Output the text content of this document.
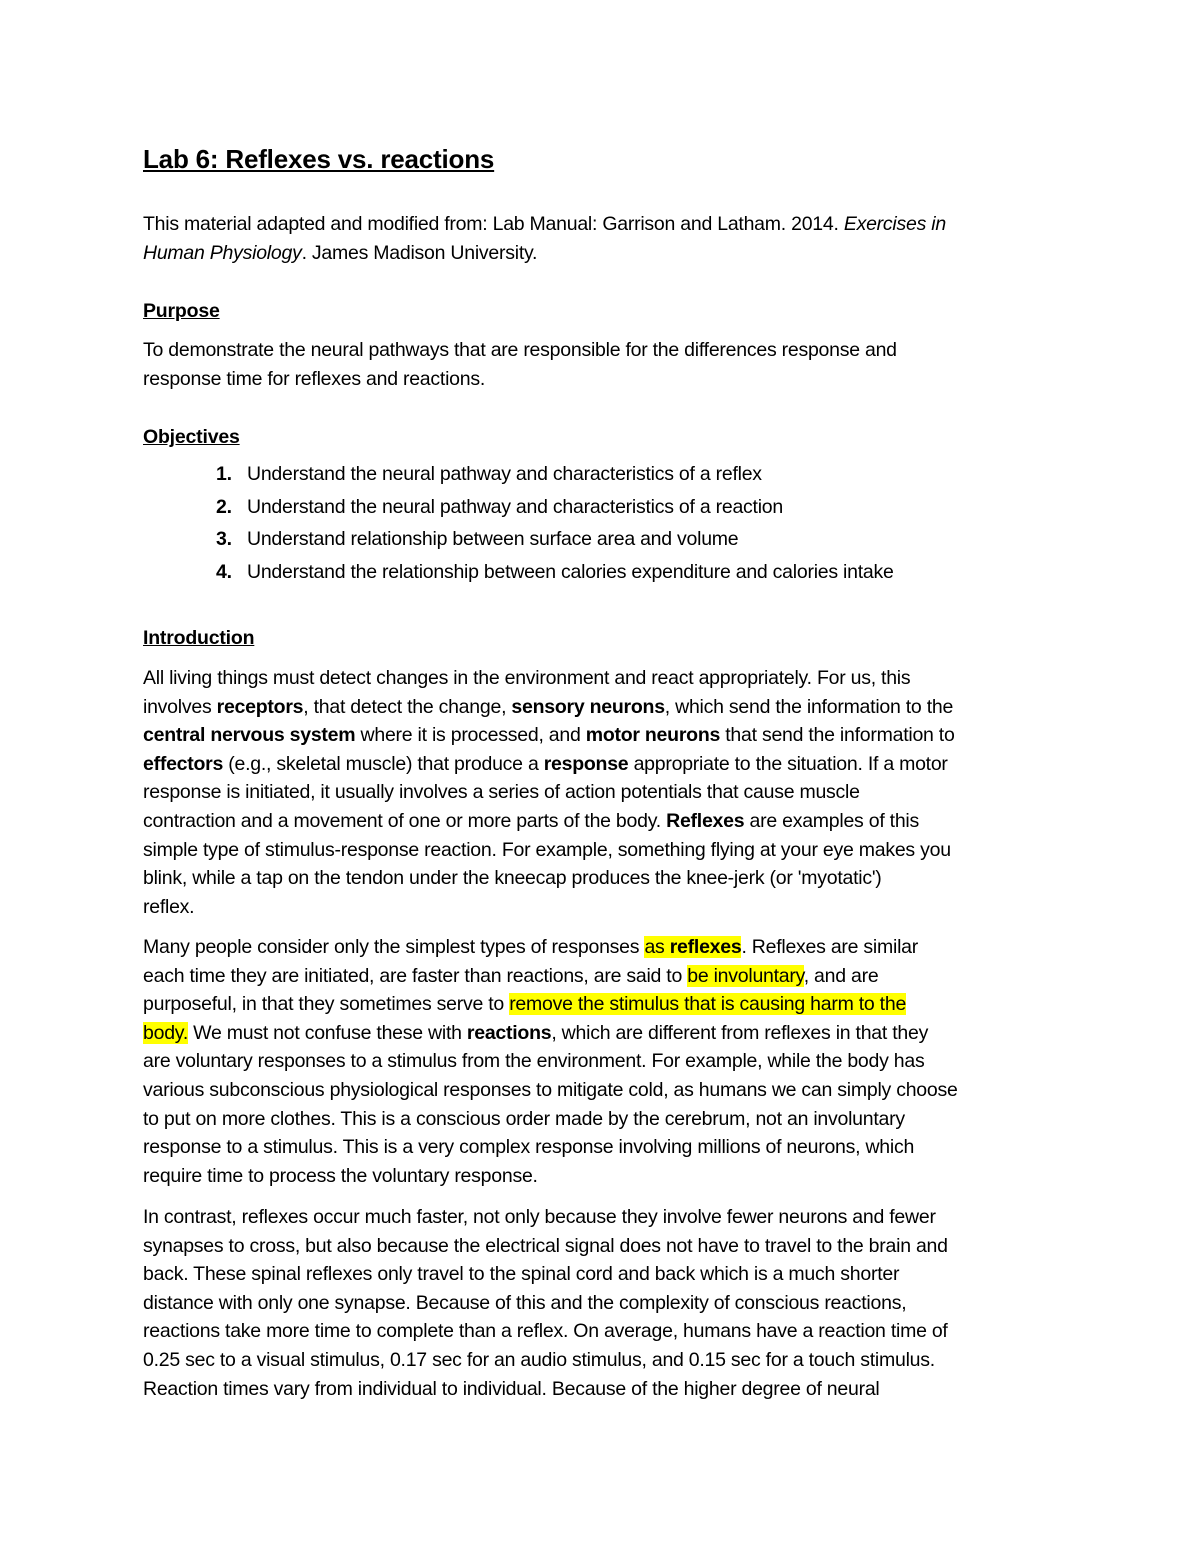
Lab 6: Reflexes vs. reactions
This material adapted and modified from: Lab Manual: Garrison and Latham. 2014. Exercises in
Human Physiology. James Madison University.
Purpose
To demonstrate the neural pathways that are responsible for the differences response and
response time for reflexes and reactions.
Objectives
1. Understand the neural pathway and characteristics of a reflex
2. Understand the neural pathway and characteristics of a reaction
3. Understand relationship between surface area and volume
4. Understand the relationship between calories expenditure and calories intake
Introduction
All living things must detect changes in the environment and react appropriately. For us, this
involves receptors, that detect the change, sensory neurons, which send the information to the
central nervous system where it is processed, and motor neurons that send the information to
effectors (e.g., skeletal muscle) that produce a response appropriate to the situation. If a motor
response is initiated, it usually involves a series of action potentials that cause muscle
contraction and a movement of one or more parts of the body. Reflexes are examples of this
simple type of stimulus-response reaction. For example, something flying at your eye makes you
blink, while a tap on the tendon under the kneecap produces the knee-jerk (or 'myotatic')
reflex.
Many people consider only the simplest types of responses as reflexes. Reflexes are similar
each time they are initiated, are faster than reactions, are said to be involuntary, and are
purposeful, in that they sometimes serve to remove the stimulus that is causing harm to the
body. We must not confuse these with reactions, which are different from reflexes in that they
are voluntary responses to a stimulus from the environment. For example, while the body has
various subconscious physiological responses to mitigate cold, as humans we can simply choose
to put on more clothes. This is a conscious order made by the cerebrum, not an involuntary
response to a stimulus. This is a very complex response involving millions of neurons, which
require time to process the voluntary response.
In contrast, reflexes occur much faster, not only because they involve fewer neurons and fewer
synapses to cross, but also because the electrical signal does not have to travel to the brain and
back. These spinal reflexes only travel to the spinal cord and back which is a much shorter
distance with only one synapse. Because of this and the complexity of conscious reactions,
reactions take more time to complete than a reflex. On average, humans have a reaction time of
0.25 sec to a visual stimulus, 0.17 sec for an audio stimulus, and 0.15 sec for a touch stimulus.
Reaction times vary from individual to individual. Because of the higher degree of neural
